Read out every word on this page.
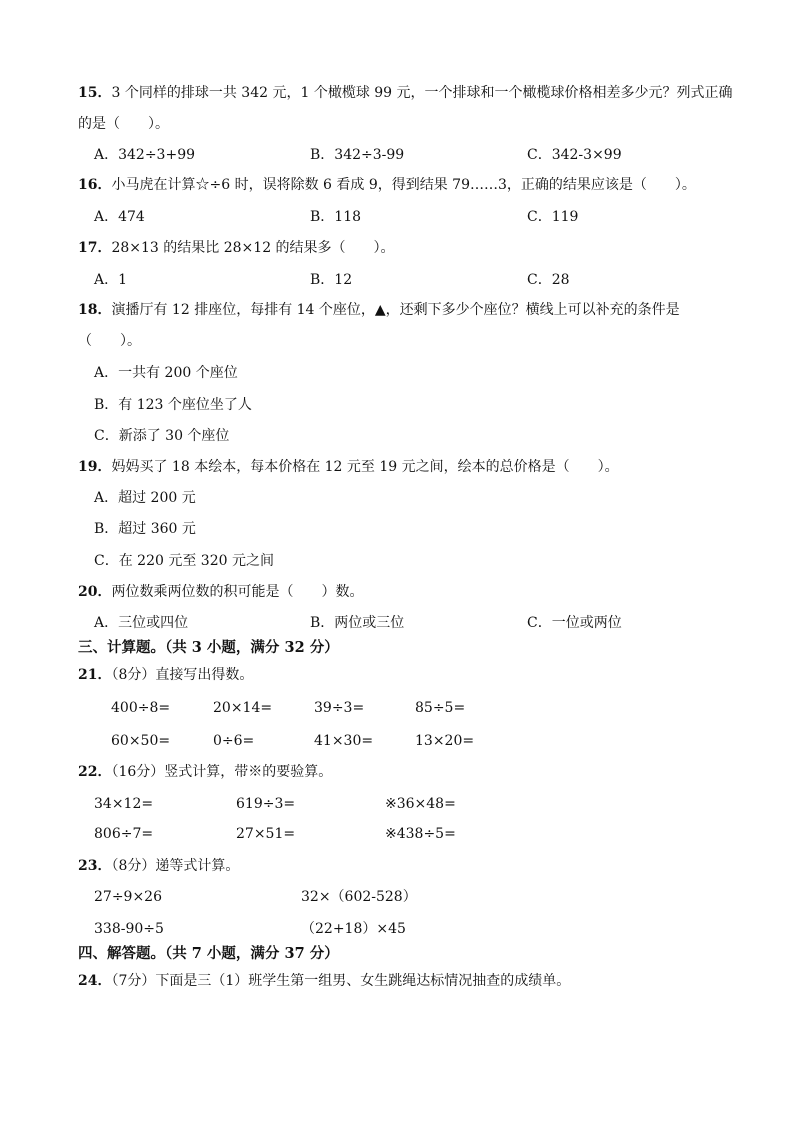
15．3 个同样的排球一共 342 元，1 个橄榄球 99 元，一个排球和一个橄榄球价格相差多少元？列式正确
的是（　　）。
A．342÷3+99	B．342÷3-99	C．342-3×99
16．小马虎在计算☆÷6 时，误将除数 6 看成 9，得到结果 79……3，正确的结果应该是（　　）。
A．474	B．118	C．119
17．28×13 的结果比 28×12 的结果多（　　）。
A．1	B．12	C．28
18．演播厅有 12 排座位，每排有 14 个座位，▲，还剩下多少个座位？横线上可以补充的条件是
（　　）。
A．一共有 200 个座位
B．有 123 个座位坐了人
C．新添了 30 个座位
19．妈妈买了 18 本绘本，每本价格在 12 元至 19 元之间，绘本的总价格是（　　）。
A．超过 200 元
B．超过 360 元
C．在 220 元至 320 元之间
20．两位数乘两位数的积可能是（　　）数。
A．三位或四位	B．两位或三位	C．一位或两位
三、计算题。（共 3 小题，满分 32 分）
21．（8分）直接写出得数。
400÷8=	20×14=	39÷3=	85÷5=
60×50=	0÷6=	41×30=	13×20=
22．（16分）竖式计算，带※的要验算。
34×12=	619÷3=	※36×48=
806÷7=	27×51=	※438÷5=
23．（8分）递等式计算。
27÷9×26	32×（602-528）
338-90÷5	（22+18）×45
四、解答题。（共 7 小题，满分 37 分）
24．（7分）下面是三（1）班学生第一组男、女生跳绳达标情况抽查的成绩单。
